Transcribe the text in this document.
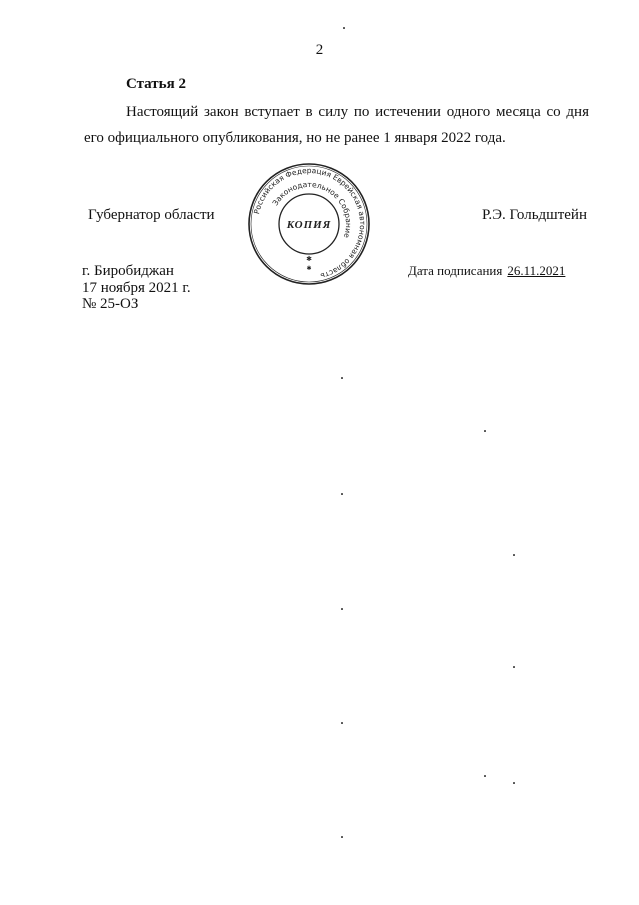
2
Статья 2
Настоящий закон вступает в силу по истечении одного месяца со дня
его официального опубликования, но не ранее 1 января 2022 года.
Губернатор области	Р.Э. Гольдштейн
Российская Федерация Еврейская автономная область
Законодательное Собрание
КОПИЯ
✱
✱
г. Биробиджан
17 ноября 2021 г.
№ 25-ОЗ
Дата подписания 26.11.2021
